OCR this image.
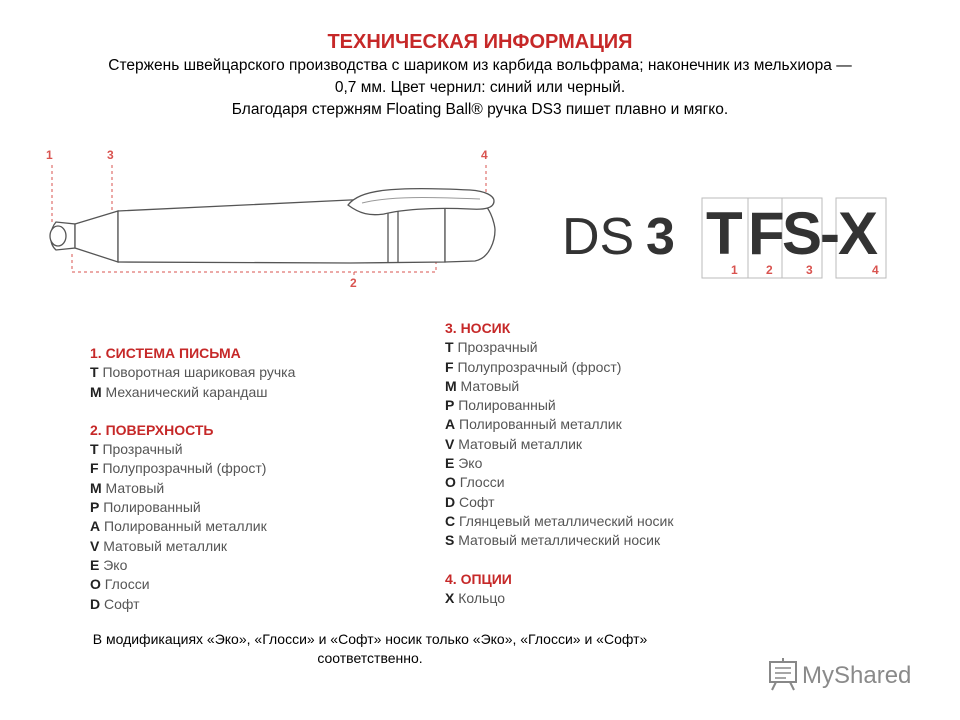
ТЕХНИЧЕСКАЯ ИНФОРМАЦИЯ
Стержень швейцарского производства с шариком из карбида вольфрама; наконечник из мельхиора —
0,7 мм. Цвет чернил: синий или черный.
Благодаря стержням Floating Ball® ручка DS3 пишет плавно и мягко.
1	3	4
2
DS 3 T F
S
-
X
1 2	3	4
1. СИСТЕМА ПИСЬМА
T Поворотная шариковая ручка
M Механический карандаш
2. ПОВЕРХНОСТЬ
T Прозрачный
F Полупрозрачный (фрост)
M Матовый
P Полированный
A Полированный металлик
V Матовый металлик
E Эко
O Глосси
D Софт
3. НОСИК
T Прозрачный
F Полупрозрачный (фрост)
M Матовый
P Полированный
A Полированный металлик
V Матовый металлик
E Эко
O Глосси
D Софт
C Глянцевый металлический носик
S Матовый металлический носик
4. ОПЦИИ
X Кольцо
В модификациях «Эко», «Глосси» и «Софт» носик только «Эко», «Глосси» и «Софт»
соответственно.
MyShared
